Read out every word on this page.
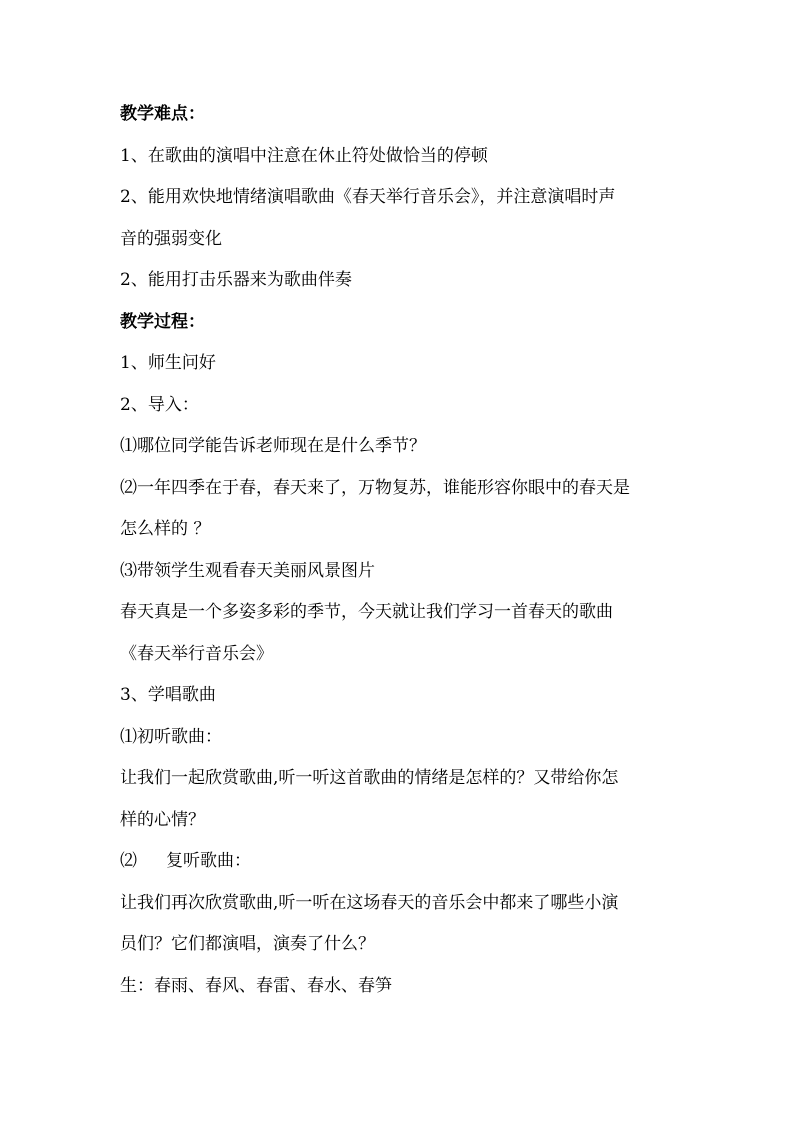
教学难点：

1、在歌曲的演唱中注意在休止符处做恰当的停顿

2、能用欢快地情绪演唱歌曲《春天举行音乐会》，并注意演唱时声

音的强弱变化

2、能用打击乐器来为歌曲伴奏

教学过程：

1、师生问好

2、导入：

⑴哪位同学能告诉老师现在是什么季节？

⑵一年四季在于春，春天来了，万物复苏，谁能形容你眼中的春天是

怎么样的 ？

⑶带领学生观看春天美丽风景图片

春天真是一个多姿多彩的季节，今天就让我们学习一首春天的歌曲

《春天举行音乐会》

3、学唱歌曲

⑴初听歌曲：

让我们一起欣赏歌曲,听一听这首歌曲的情绪是怎样的？又带给你怎

样的心情？

⑵ 复听歌曲：

让我们再次欣赏歌曲,听一听在这场春天的音乐会中都来了哪些小演

员们？它们都演唱，演奏了什么？

生：春雨、春风、春雷、春水、春笋
